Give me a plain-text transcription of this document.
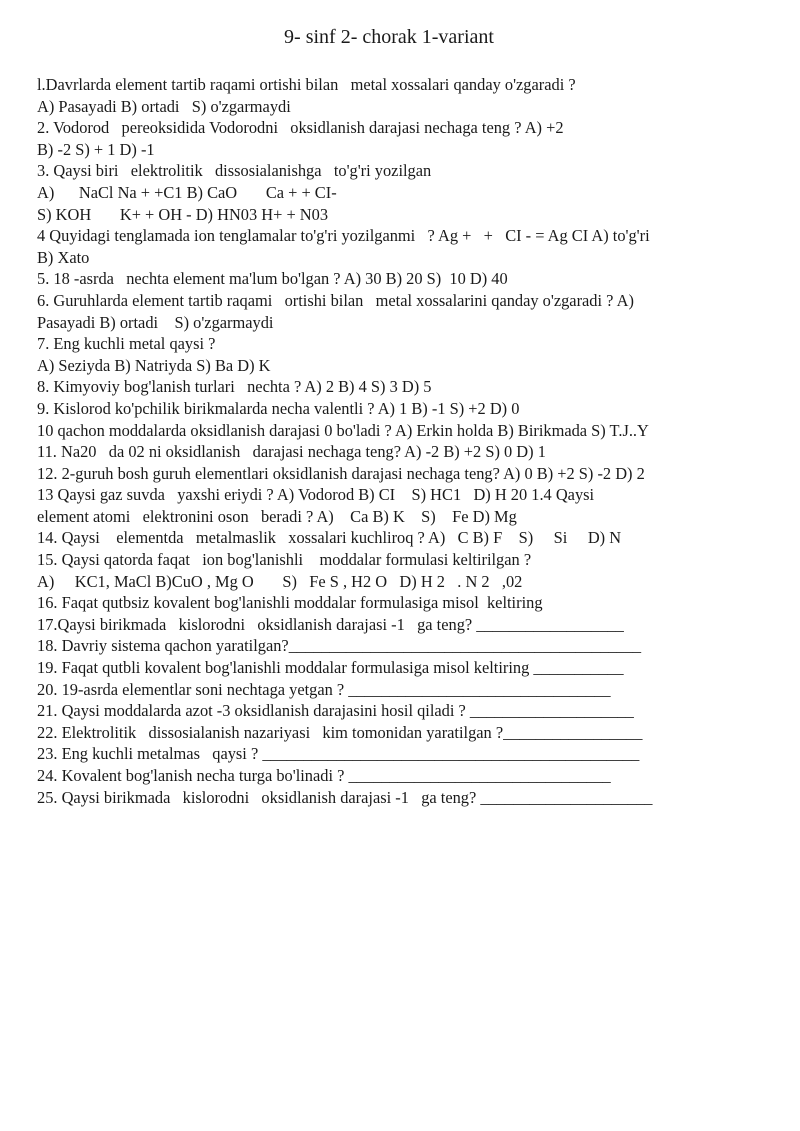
9- sinf 2- chorak 1-variant
l.Davrlarda element tartib raqami ortishi bilan   metal xossalari qanday o'zgaradi ?
A) Pasayadi B) ortadi   S) o'zgarmaydi
2. Vodorod   pereoksidida Vodorodni   oksidlanish darajasi nechaga teng ? A) +2
B) -2 S) + 1 D) -1
3. Qaysi biri   elektrolitik   dissosialanishga   to'g'ri yozilgan
A)      NaCl Na + +C1 B) CaO       Ca + + CI-
S) KOH       K+ + OH - D) HN03 H+ + N03
4 Quyidagi tenglamada ion tenglamalar to'g'ri yozilganmi   ? Ag +   +   CI - = Ag CI A) to'g'ri
B) Xato
5. 18 -asrda   nechta element ma'lum bo'lgan ? A) 30 B) 20 S)  10 D) 40
6. Guruhlarda element tartib raqami   ortishi bilan   metal xossalarini qanday o'zgaradi ? A)
Pasayadi B) ortadi    S) o'zgarmaydi
7. Eng kuchli metal qaysi ?
A) Seziyda B) Natriyda S) Ba D) K
8. Kimyoviy bog'lanish turlari   nechta ? A) 2 B) 4 S) 3 D) 5
9. Kislorod ko'pchilik birikmalarda necha valentli ? A) 1 B) -1 S) +2 D) 0
10 qachon moddalarda oksidlanish darajasi 0 bo'ladi ? A) Erkin holda B) Birikmada S) T.J..Y
11. Na20   da 02 ni oksidlanish   darajasi nechaga teng? A) -2 B) +2 S) 0 D) 1
12. 2-guruh bosh guruh elementlari oksidlanish darajasi nechaga teng? A) 0 B) +2 S) -2 D) 2
13 Qaysi gaz suvda   yaxshi eriydi ? A) Vodorod B) CI    S) HC1   D) H 20 1.4 Qaysi
element atomi   elektronini oson   beradi ? A)    Ca B) K    S)    Fe D) Mg
14. Qaysi    elementda   metalmaslik   xossalari kuchliroq ? A)   C B) F    S)     Si     D) N
15. Qaysi qatorda faqat   ion bog'lanishli    moddalar formulasi keltirilgan ?
A)     KC1, MaCl B)CuO , Mg O       S)   Fe S , H2 O   D) H 2   . N 2   ,02
16. Faqat qutbsiz kovalent bog'lanishli moddalar formulasiga misol  keltiring
17.Qaysi birikmada   kislorodni   oksidlanish darajasi -1   ga teng? __________________
18. Davriy sistema qachon yaratilgan?___________________________________________
19. Faqat qutbli kovalent bog'lanishli moddalar formulasiga misol keltiring ___________
20. 19-asrda elementlar soni nechtaga yetgan ? ________________________________
21. Qaysi moddalarda azot -3 oksidlanish darajasini hosil qiladi ? ____________________
22. Elektrolitik   dissosialanish nazariyasi   kim tomonidan yaratilgan ?_________________
23. Eng kuchli metalmas   qaysi ? ______________________________________________
24. Kovalent bog'lanish necha turga bo'linadi ? ________________________________
25. Qaysi birikmada   kislorodni   oksidlanish darajasi -1   ga teng? _____________________
